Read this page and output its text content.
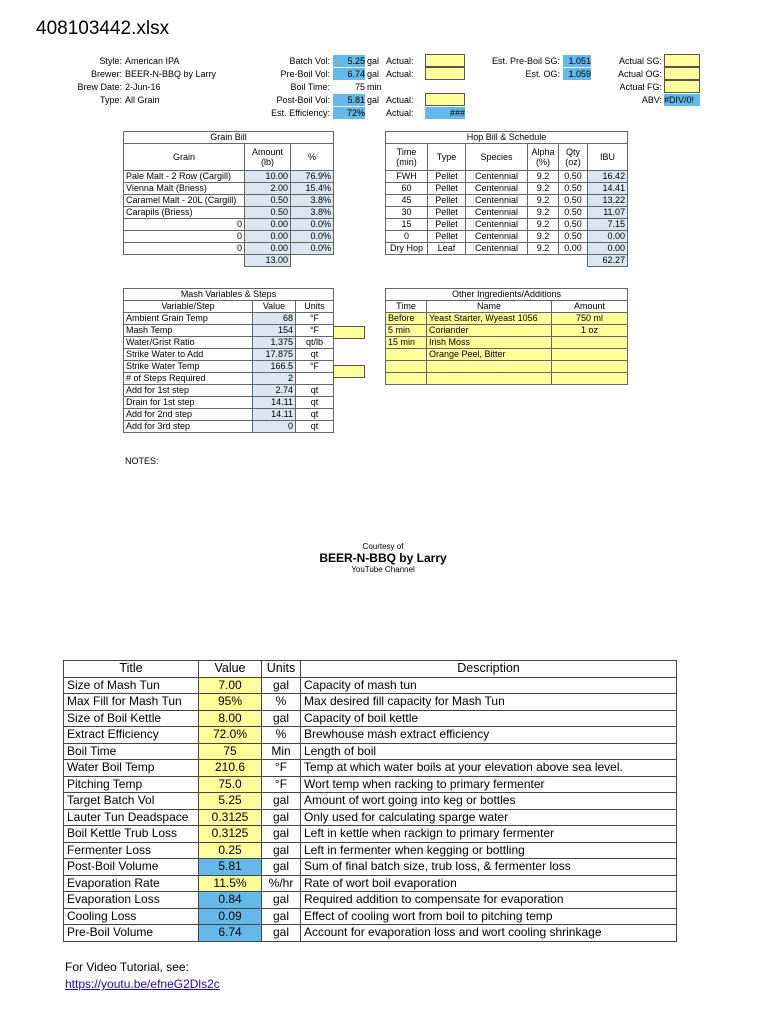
408103442.xlsx
Style: American IPA
Brewer: BEER-N-BBQ by Larry
Brew Date: 2-Jun-16
Type: All Grain
Batch Vol:	5.25 gal
Pre-Boil Vol:	6.74 gal
Boil Time:	75 min
Post-Boil Vol:	5.81 gal
Est. Efficiency:	72%
Actual:
Actual:
Actual:
Actual:	###
Est. Pre-Boil SG: 1.051
Est. OG: 1.059
Actual SG:
Actual OG:
Actual FG:
ABV: #DIV/0!
Grain Bill		
Grain	Amount (lb)	%
Pale Malt - 2 Row (Cargill)	10.00	76.9%
Vienna Malt (Briess)	2.00	15.4%
Caramel Malt - 20L (Cargill)	0.50	3.8%
Carapils (Briess)	0.50	3.8%
0	0.00	0.0%
0	0.00	0.0%
0	0.00	0.0%
	13.00	
Hop Bill & Schedule					
Time (min)	Type	Species	Alpha (%)	Qty (oz)	IBU
FWH	Pellet	Centennial	9.2	0.50	16.42
60	Pellet	Centennial	9.2	0.50	14.41
45	Pellet	Centennial	9.2	0.50	13.22
30	Pellet	Centennial	9.2	0.50	11.07
15	Pellet	Centennial	9.2	0.50	7.15
0	Pellet	Centennial	9.2	0.50	0.00
Dry Hop	Leaf	Centennial	9.2	0.00	0.00
					62.27
Mash Variables & Steps		
Variable/Step	Value	Units
Ambient Grain Temp	68	°F
Mash Temp	154	°F
Water/Grist Ratio	1.375	qt/lb
Strike Water to Add	17.875	qt
Strike Water Temp	166.5	°F
# of Steps Required	2	
Add for 1st step	2.74	qt
Drain for 1st step	14.11	qt
Add for 2nd step	14.11	qt
Add for 3rd step	0	qt
Other Ingredients/Additions		
Time	Name	Amount
Before	Yeast Starter, Wyeast 1056	750 ml
5 min	Coriander	1 oz
15 min	Irish Moss	
	Orange Peel, Bitter	

NOTES:
Courtesy of
BEER-N-BBQ by Larry
YouTube Channel
Title	Value	Units	Description
Size of Mash Tun	7.00	gal	Capacity of mash tun
Max Fill for Mash Tun	95%	%	Max desired fill capacity for Mash Tun
Size of Boil Kettle	8.00	gal	Capacity of boil kettle
Extract Efficiency	72.0%	%	Brewhouse mash extract efficiency
Boil Time	75	Min	Length of boil
Water Boil Temp	210.6	°F	Temp at which water boils at your elevation above sea level.
Pitching Temp	75.0	°F	Wort temp when racking to primary fermenter
Target Batch Vol	5.25	gal	Amount of wort going into keg or bottles
Lauter Tun Deadspace	0.3125	gal	Only used for calculating sparge water
Boil Kettle Trub Loss	0.3125	gal	Left in kettle when rackign to primary fermenter
Fermenter Loss	0.25	gal	Left in fermenter when kegging or bottling
Post-Boil Volume	5.81	gal	Sum of final batch size, trub loss, & fermenter loss
Evaporation Rate	11.5%	%/hr	Rate of wort boil evaporation
Evaporation Loss	0.84	gal	Required addition to compensate for evaporation
Cooling Loss	0.09	gal	Effect of cooling wort from boil to pitching temp
Pre-Boil Volume	6.74	gal	Account for evaporation loss and wort cooling shrinkage
For Video Tutorial, see:
https://youtu.be/efneG2Dls2c
